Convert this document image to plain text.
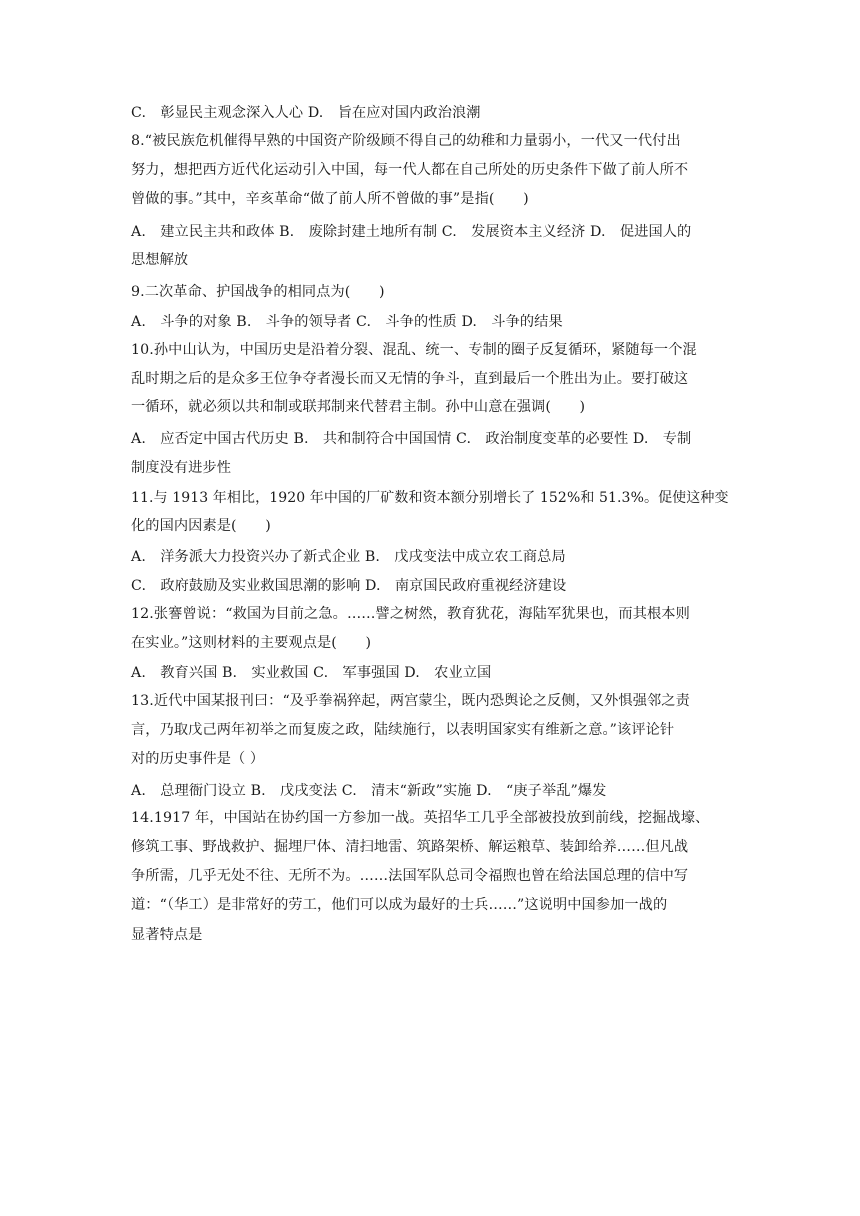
C.　彰显民主观念深入人心 D.　旨在应对国内政治浪潮
8.“被民族危机催得早熟的中国资产阶级顾不得自己的幼稚和力量弱小，一代又一代付出
努力，想把西方近代化运动引入中国，每一代人都在自己所处的历史条件下做了前人所不
曾做的事。”其中，辛亥革命“做了前人所不曾做的事”是指(　　)
A.　建立民主共和政体 B.　废除封建土地所有制 C.　发展资本主义经济 D.　促进国人的
思想解放
9.二次革命、护国战争的相同点为(　　)
A.　斗争的对象 B.　斗争的领导者 C.　斗争的性质 D.　斗争的结果
10.孙中山认为，中国历史是沿着分裂、混乱、统一、专制的圈子反复循环，紧随每一个混
乱时期之后的是众多王位争夺者漫长而又无情的争斗，直到最后一个胜出为止。要打破这
一循环，就必须以共和制或联邦制来代替君主制。孙中山意在强调(　　)
A.　应否定中国古代历史 B.　共和制符合中国国情 C.　政治制度变革的必要性 D.　专制
制度没有进步性
11.与 1913 年相比，1920 年中国的厂矿数和资本额分别增长了 152%和 51.3%。促使这种变
化的国内因素是(　　)
A.　洋务派大力投资兴办了新式企业 B.　戊戌变法中成立农工商总局
C.　政府鼓励及实业救国思潮的影响 D.　南京国民政府重视经济建设
12.张謇曾说：“救国为目前之急。……譬之树然，教育犹花，海陆军犹果也，而其根本则
在实业。”这则材料的主要观点是(　　)
A.　教育兴国 B.　实业救国 C.　军事强国 D.　农业立国
13.近代中国某报刊曰：“及乎拳祸猝起，两宫蒙尘，既内恐舆论之反侧，又外惧强邻之责
言，乃取戊己两年初举之而复废之政，陆续施行，以表明国家实有维新之意。”该评论针
对的历史事件是（ ）
A.　总理衙门设立 B.　戊戌变法 C.　清末“新政”实施 D.　“庚子举乱”爆发
14.1917 年，中国站在协约国一方参加一战。英招华工几乎全部被投放到前线，挖掘战壕、
修筑工事、野战救护、掘埋尸体、清扫地雷、筑路架桥、解运粮草、装卸给养……但凡战
争所需，几乎无处不往、无所不为。……法国军队总司令福煦也曾在给法国总理的信中写
道：“（华工）是非常好的劳工，他们可以成为最好的士兵……”这说明中国参加一战的
显著特点是
